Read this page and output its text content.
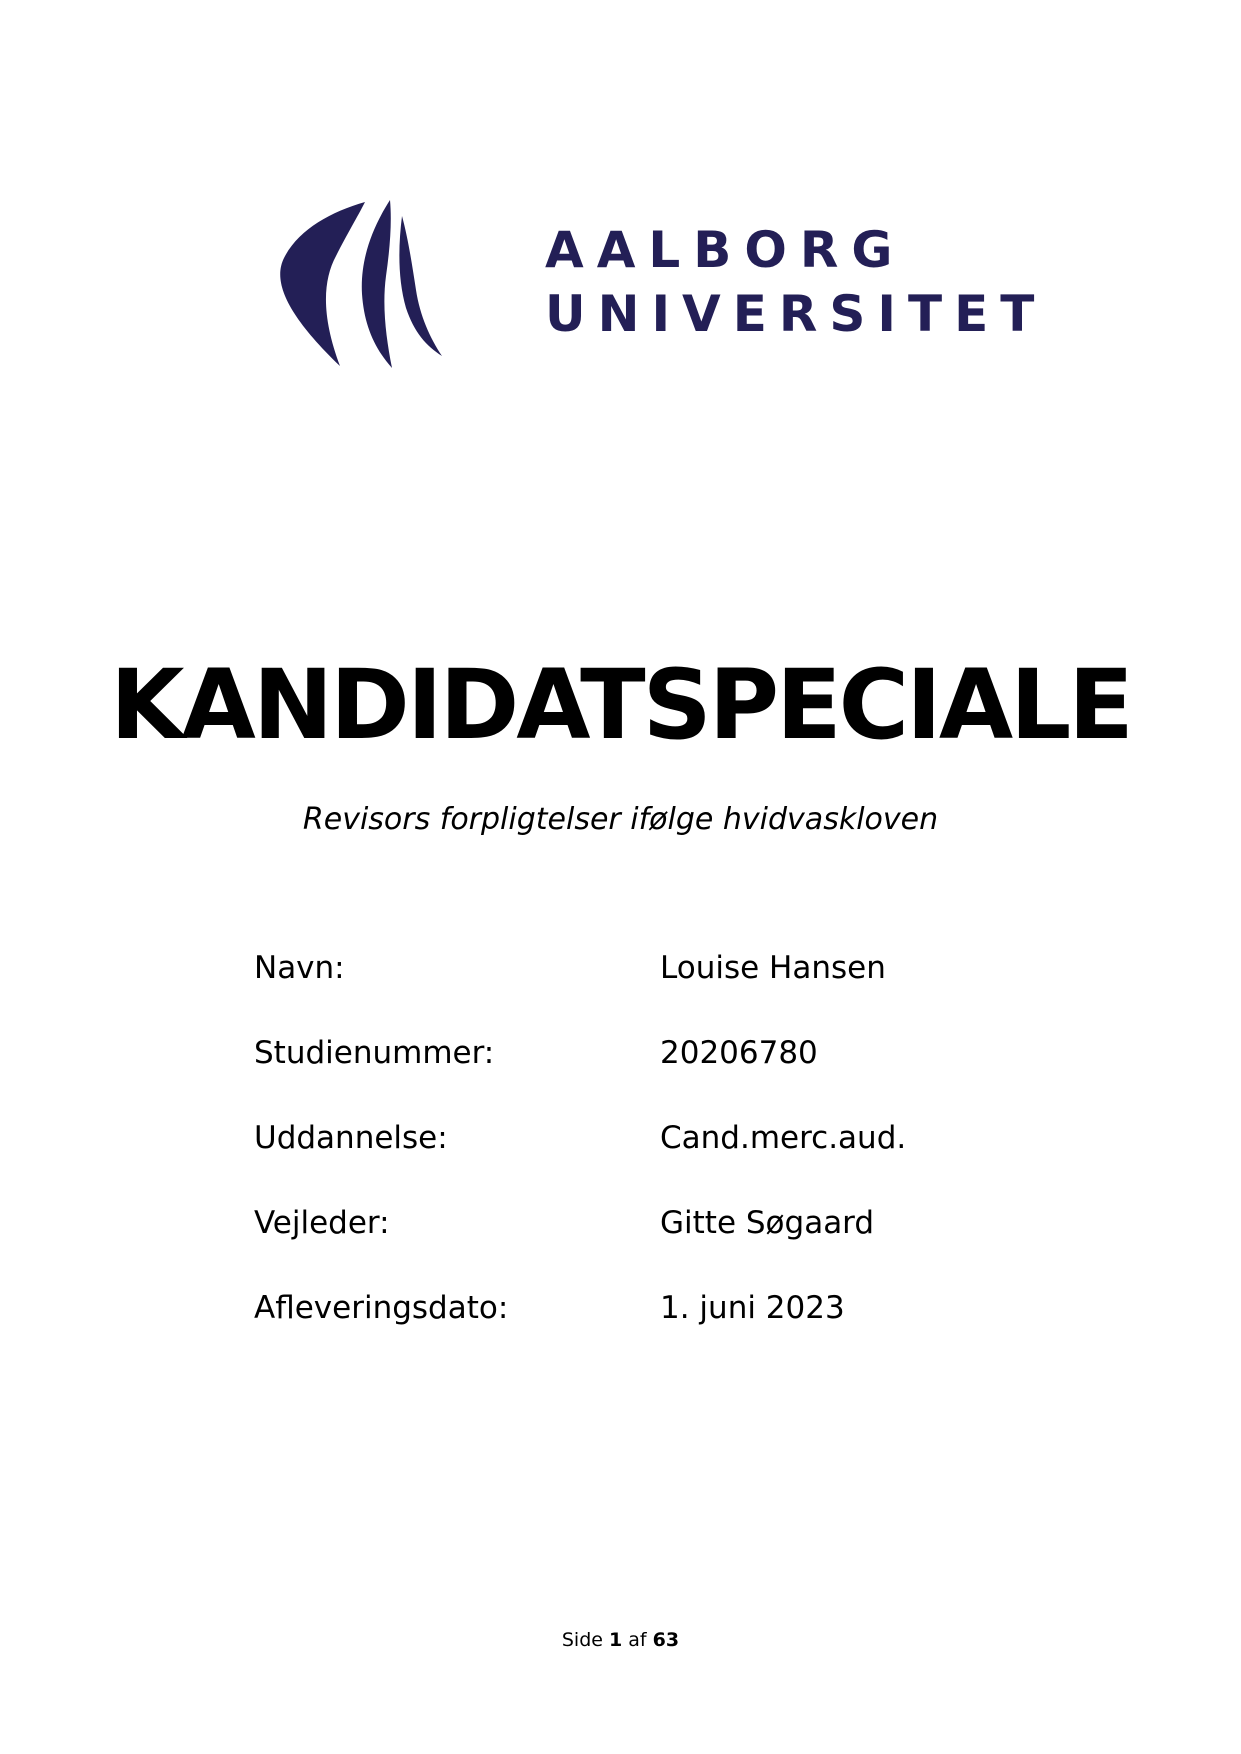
AALBORG
UNIVERSITET
KANDIDATSPECIALE
Revisors forpligtelser ifølge hvidvaskloven
Navn:	Louise Hansen
Studienummer:	20206780
Uddannelse:	Cand.merc.aud.
Vejleder:	Gitte Søgaard
Afleveringsdato:	1. juni 2023
Side 1 af 63
